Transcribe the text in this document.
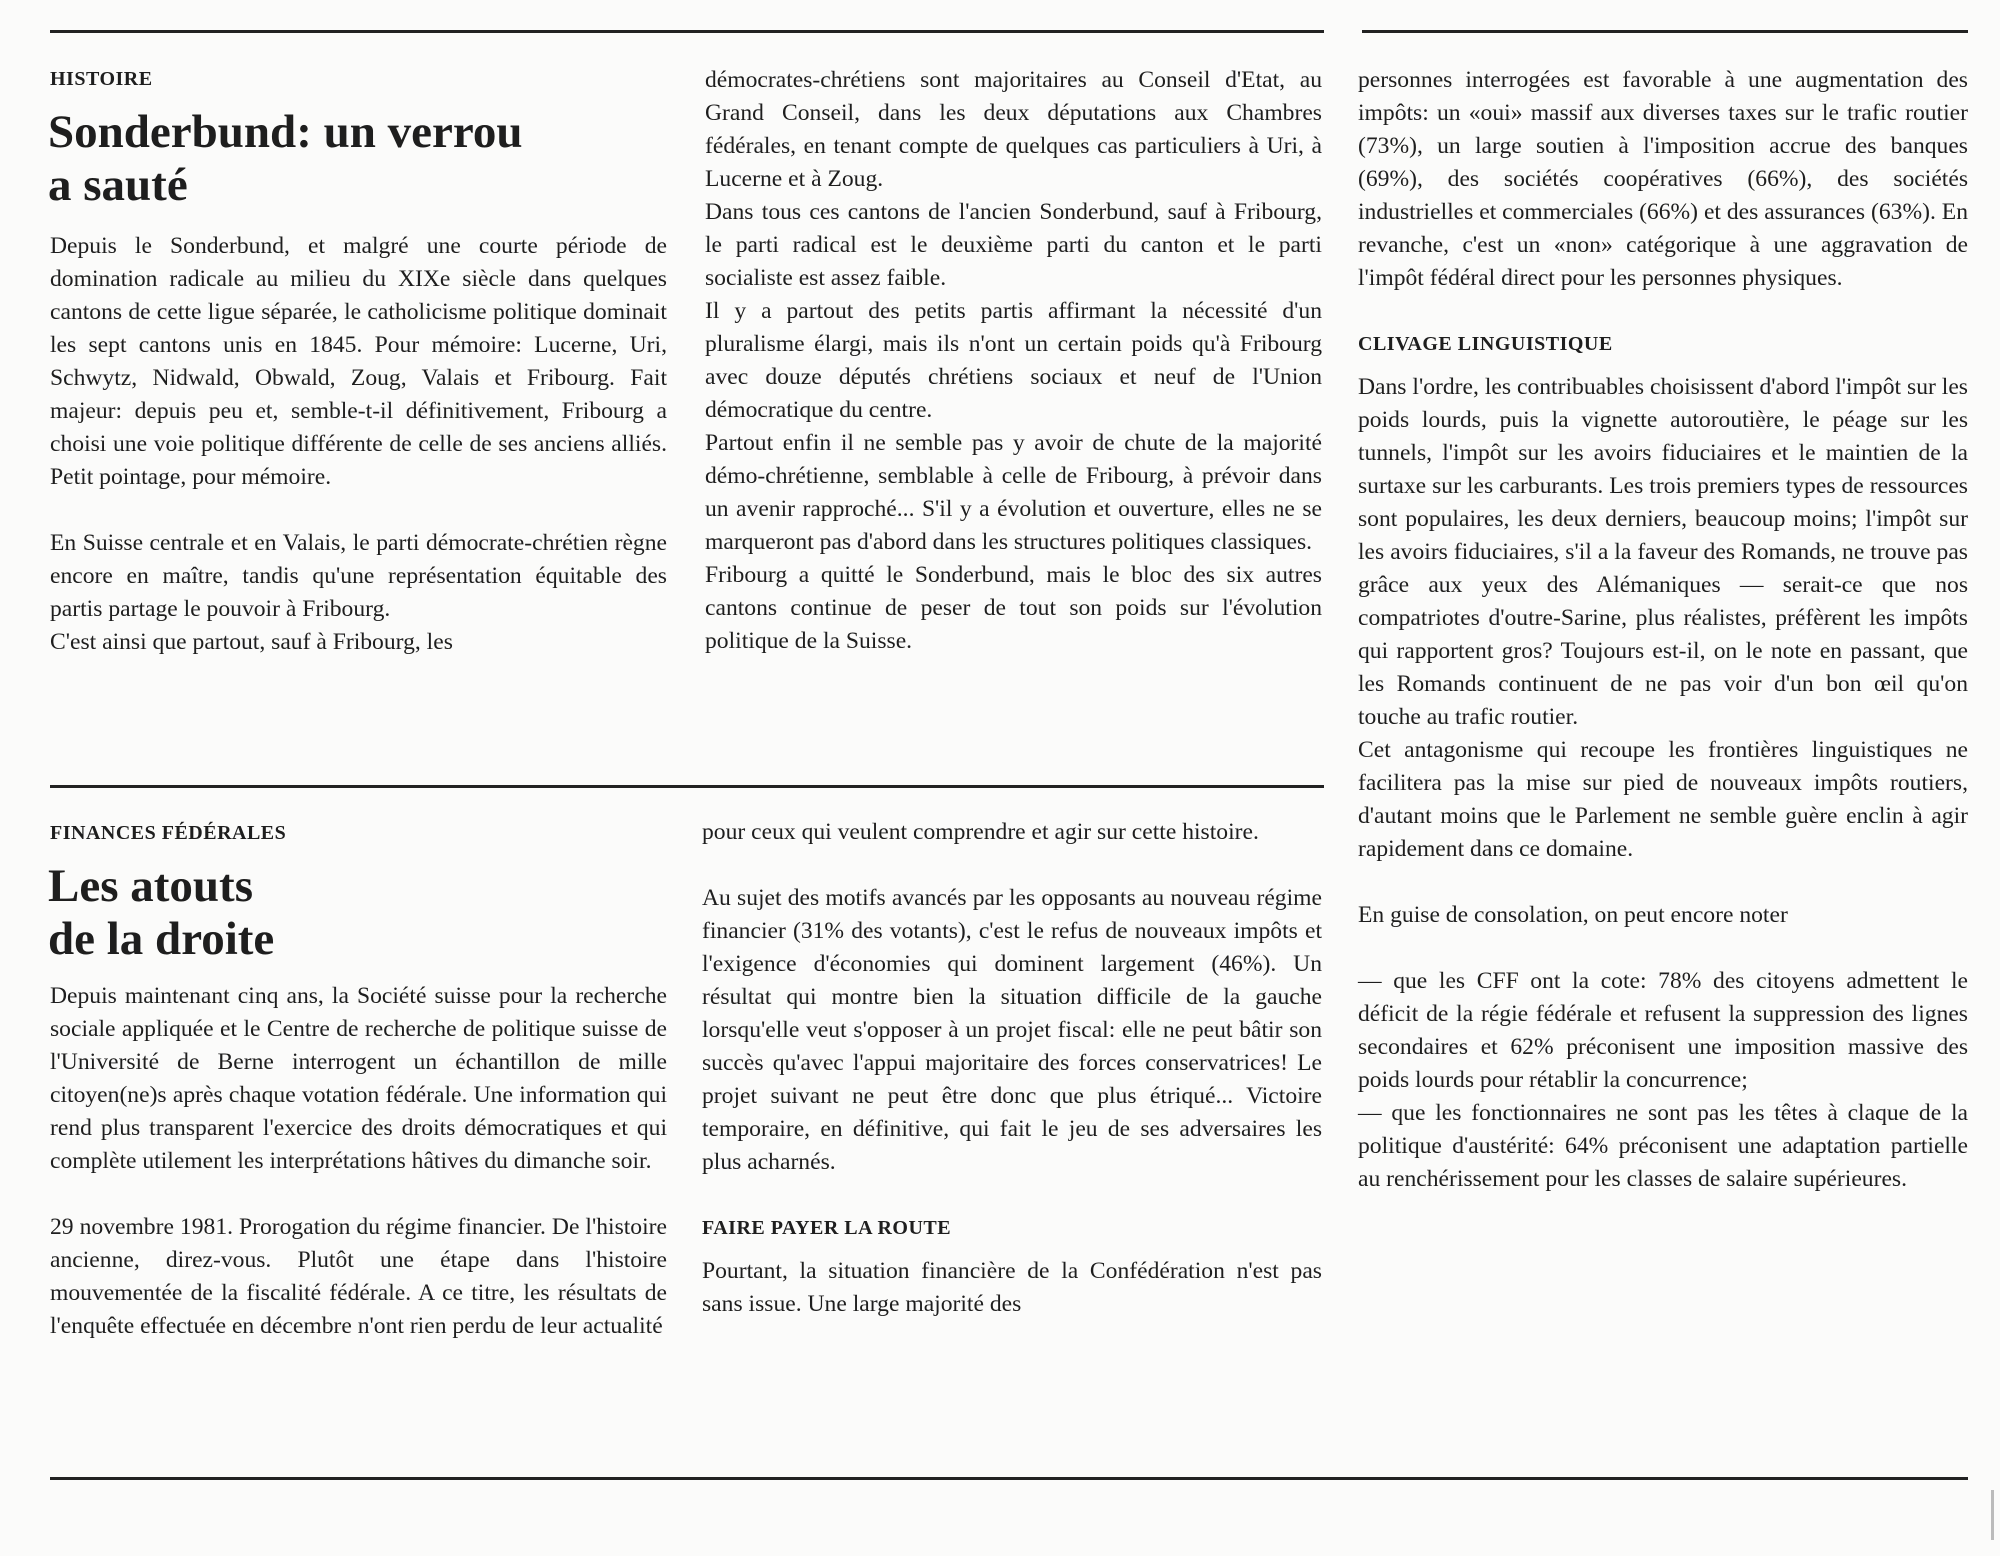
HISTOIRE
Sonderbund: un verrou
a sauté

Depuis le Sonderbund, et malgré une courte période de domination radicale au milieu du XIXe siècle dans quelques cantons de cette ligue séparée, le catholicisme politique dominait les sept cantons unis en 1845. Pour mémoire: Lucerne, Uri, Schwytz, Nidwald, Obwald, Zoug, Valais et Fribourg. Fait majeur: depuis peu et, semble-t-il définitivement, Fribourg a choisi une voie politique différente de celle de ses anciens alliés. Petit pointage, pour mémoire.

En Suisse centrale et en Valais, le parti démocrate-chrétien règne encore en maître, tandis qu'une représentation équitable des partis partage le pouvoir à Fribourg.

C'est ainsi que partout, sauf à Fribourg, les

démocrates-chrétiens sont majoritaires au Conseil d'Etat, au Grand Conseil, dans les deux députations aux Chambres fédérales, en tenant compte de quelques cas particuliers à Uri, à Lucerne et à Zoug.

Dans tous ces cantons de l'ancien Sonderbund, sauf à Fribourg, le parti radical est le deuxième parti du canton et le parti socialiste est assez faible.

Il y a partout des petits partis affirmant la nécessité d'un pluralisme élargi, mais ils n'ont un certain poids qu'à Fribourg avec douze députés chrétiens sociaux et neuf de l'Union démocratique du centre.

Partout enfin il ne semble pas y avoir de chute de la majorité démo-chrétienne, semblable à celle de Fribourg, à prévoir dans un avenir rapproché... S'il y a évolution et ouverture, elles ne se marqueront pas d'abord dans les structures politiques classiques.

Fribourg a quitté le Sonderbund, mais le bloc des six autres cantons continue de peser de tout son poids sur l'évolution politique de la Suisse.

FINANCES FÉDÉRALES
Les atouts
de la droite

Depuis maintenant cinq ans, la Société suisse pour la recherche sociale appliquée et le Centre de recherche de politique suisse de l'Université de Berne interrogent un échantillon de mille citoyen(ne)s après chaque votation fédérale. Une information qui rend plus transparent l'exercice des droits démocratiques et qui complète utilement les interprétations hâtives du dimanche soir.

29 novembre 1981. Prorogation du régime financier. De l'histoire ancienne, direz-vous. Plutôt une étape dans l'histoire mouvementée de la fiscalité fédérale. A ce titre, les résultats de l'enquête effectuée en décembre n'ont rien perdu de leur actualité

pour ceux qui veulent comprendre et agir sur cette histoire.

Au sujet des motifs avancés par les opposants au nouveau régime financier (31% des votants), c'est le refus de nouveaux impôts et l'exigence d'économies qui dominent largement (46%). Un résultat qui montre bien la situation difficile de la gauche lorsqu'elle veut s'opposer à un projet fiscal: elle ne peut bâtir son succès qu'avec l'appui majoritaire des forces conservatrices! Le projet suivant ne peut être donc que plus étriqué... Victoire temporaire, en définitive, qui fait le jeu de ses adversaires les plus acharnés.

FAIRE PAYER LA ROUTE

Pourtant, la situation financière de la Confédération n'est pas sans issue. Une large majorité des

personnes interrogées est favorable à une augmentation des impôts: un «oui» massif aux diverses taxes sur le trafic routier (73%), un large soutien à l'imposition accrue des banques (69%), des sociétés coopératives (66%), des sociétés industrielles et commerciales (66%) et des assurances (63%). En revanche, c'est un «non» catégorique à une aggravation de l'impôt fédéral direct pour les personnes physiques.

CLIVAGE LINGUISTIQUE

Dans l'ordre, les contribuables choisissent d'abord l'impôt sur les poids lourds, puis la vignette autoroutière, le péage sur les tunnels, l'impôt sur les avoirs fiduciaires et le maintien de la surtaxe sur les carburants. Les trois premiers types de ressources sont populaires, les deux derniers, beaucoup moins; l'impôt sur les avoirs fiduciaires, s'il a la faveur des Romands, ne trouve pas grâce aux yeux des Alémaniques — serait-ce que nos compatriotes d'outre-Sarine, plus réalistes, préfèrent les impôts qui rapportent gros? Toujours est-il, on le note en passant, que les Romands continuent de ne pas voir d'un bon œil qu'on touche au trafic routier.

Cet antagonisme qui recoupe les frontières linguistiques ne facilitera pas la mise sur pied de nouveaux impôts routiers, d'autant moins que le Parlement ne semble guère enclin à agir rapidement dans ce domaine.

En guise de consolation, on peut encore noter

— que les CFF ont la cote: 78% des citoyens admettent le déficit de la régie fédérale et refusent la suppression des lignes secondaires et 62% préconisent une imposition massive des poids lourds pour rétablir la concurrence;

— que les fonctionnaires ne sont pas les têtes à claque de la politique d'austérité: 64% préconisent une adaptation partielle au renchérissement pour les classes de salaire supérieures.
